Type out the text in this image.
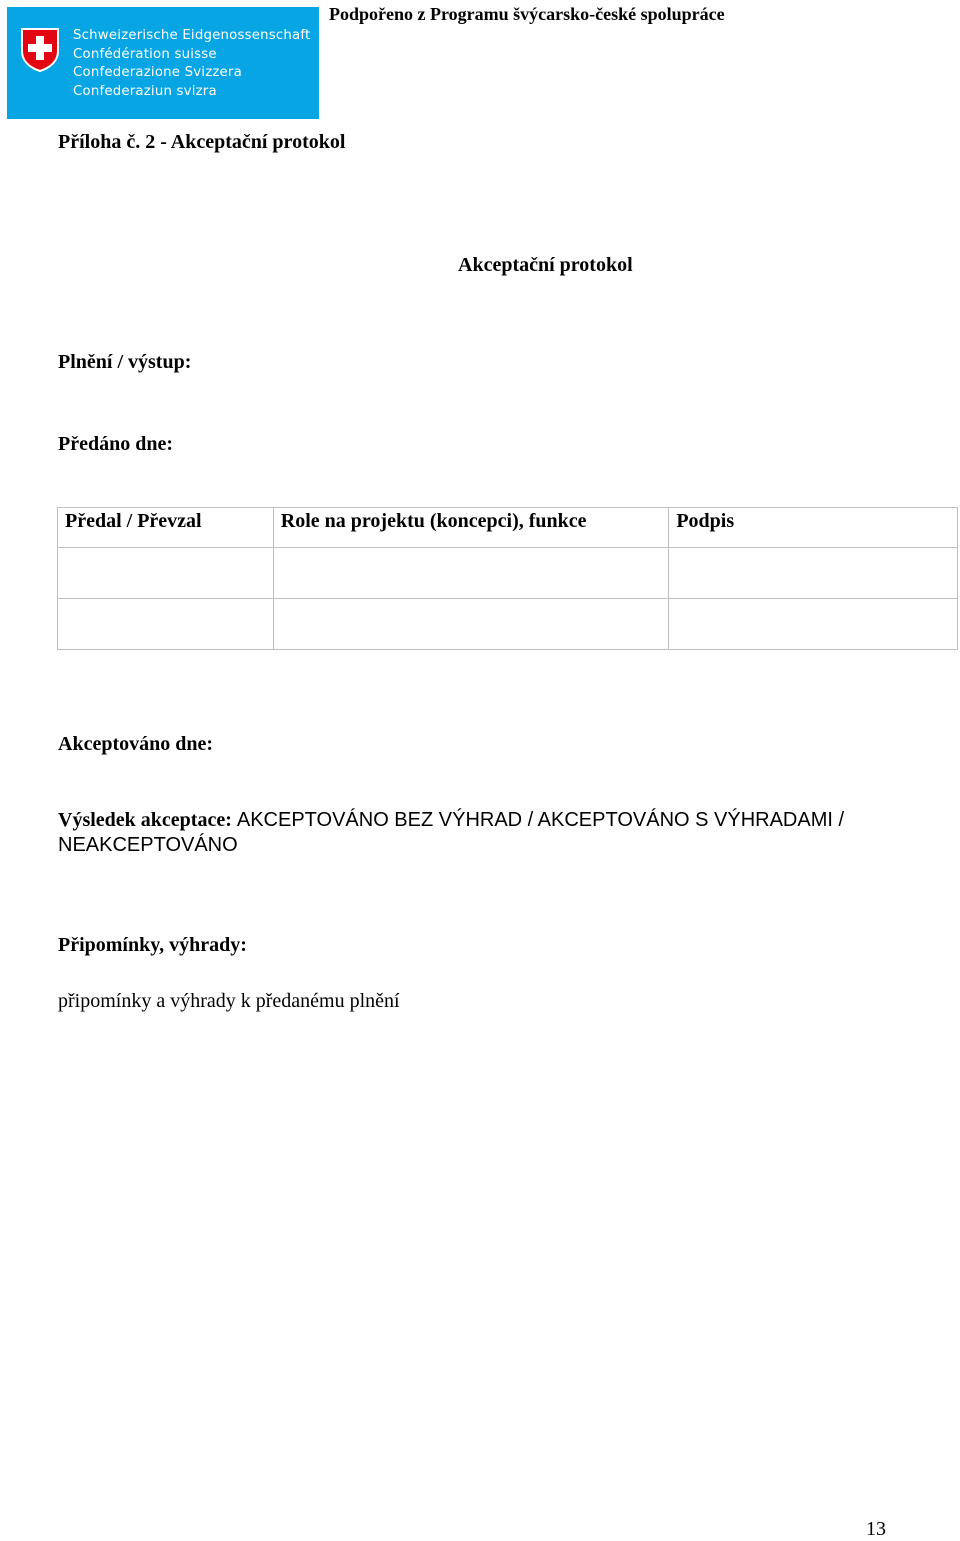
Schweizerische Eidgenossenschaft
Confédération suisse
Confederazione Svizzera
Confederaziun svizra
Podpořeno z Programu švýcarsko-české spolupráce
Příloha č. 2 - Akceptační protokol
Akceptační protokol
Plnění / výstup:
Předáno dne:
Předal / Převzal	Role na projektu (koncepci), funkce	Podpis

Akceptováno dne:
Výsledek akceptace: AKCEPTOVÁNO BEZ VÝHRAD / AKCEPTOVÁNO S VÝHRADAMI / NEAKCEPTOVÁNO
Připomínky, výhrady:
připomínky a výhrady k předanému plnění
13
